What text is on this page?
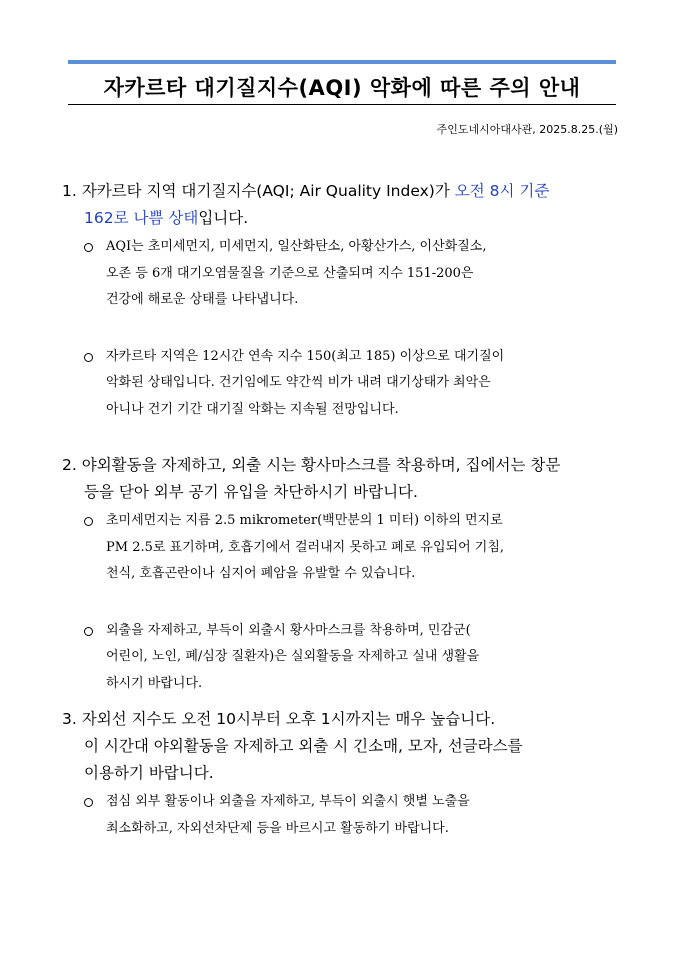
자카르타 대기질지수(AQI) 악화에 따른 주의 안내
주인도네시아대사관, 2025.8.25.(월)
1. 자카르타 지역 대기질지수(AQI; Air Quality Index)가 오전 8시 기준
162로 나쁨 상태입니다.
AQI는 초미세먼지, 미세먼지, 일산화탄소, 아황산가스, 이산화질소,
오존 등 6개 대기오염물질을 기준으로 산출되며 지수 151-200은
건강에 해로운 상태를 나타냅니다.
자카르타 지역은 12시간 연속 지수 150(최고 185) 이상으로 대기질이
악화된 상태입니다. 건기임에도 약간씩 비가 내려 대기상태가 최악은
아니나 건기 기간 대기질 악화는 지속될 전망입니다.
2. 야외활동을 자제하고, 외출 시는 황사마스크를 착용하며, 집에서는 창문
등을 닫아 외부 공기 유입을 차단하시기 바랍니다.
초미세먼지는 지름 2.5 mikrometer(백만분의 1 미터) 이하의 먼지로
PM 2.5로 표기하며, 호흡기에서 걸러내지 못하고 폐로 유입되어 기침,
천식, 호흡곤란이나 심지어 폐암을 유발할 수 있습니다.
외출을 자제하고, 부득이 외출시 황사마스크를 착용하며, 민감군(
어린이, 노인, 폐/심장 질환자)은 실외활동을 자제하고 실내 생활을
하시기 바랍니다.
3. 자외선 지수도 오전 10시부터 오후 1시까지는 매우 높습니다.
이 시간대 야외활동을 자제하고 외출 시 긴소매, 모자, 선글라스를
이용하기 바랍니다.
점심 외부 활동이나 외출을 자제하고, 부득이 외출시 햇볕 노출을
최소화하고, 자외선차단제 등을 바르시고 활동하기 바랍니다.
